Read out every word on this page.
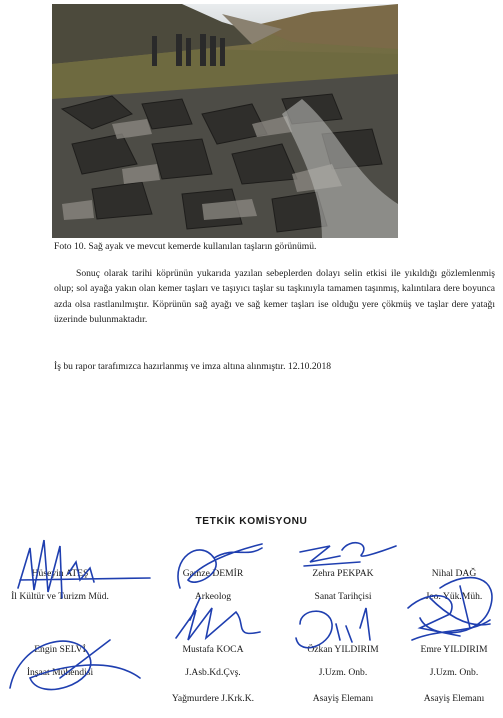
Foto 10. Sağ ayak ve mevcut kemerde kullanılan taşların görünümü.
Sonuç olarak tarihi köprünün yukarıda yazılan sebeplerden dolayı selin etkisi ile yıkıldığı gözlemlenmiş olup; sol ayağa yakın olan kemer taşları ve taşıyıcı taşlar su taşkınıyla tamamen taşınmış, kalıntılara dere boyunca azda olsa rastlanılmıştır. Köprünün sağ ayağı ve sağ kemer taşları ise olduğu yere çökmüş ve taşlar dere yatağı üzerinde bulunmaktadır.
İş bu rapor tarafımızca hazırlanmış ve imza altına alınmıştır. 12.10.2018
TETKİK KOMİSYONU
Hüseyin ATEŞ
İl Kültür ve Turizm Müd.
Gamze DEMİR
Arkeolog
Zehra PEKPAK
Sanat Tarihçisi
Nihal DAĞ
Jeo. Yük.Müh.
Engin SELVİ
İnşaat Mühendisi
Mustafa KOCA
J.Asb.Kd.Çvş.
Yağmurdere J.Krk.K.
Özkan YILDIRIM
J.Uzm. Onb.
Asayiş Elemanı
Emre YILDIRIM
J.Uzm. Onb.
Asayiş Elemanı
